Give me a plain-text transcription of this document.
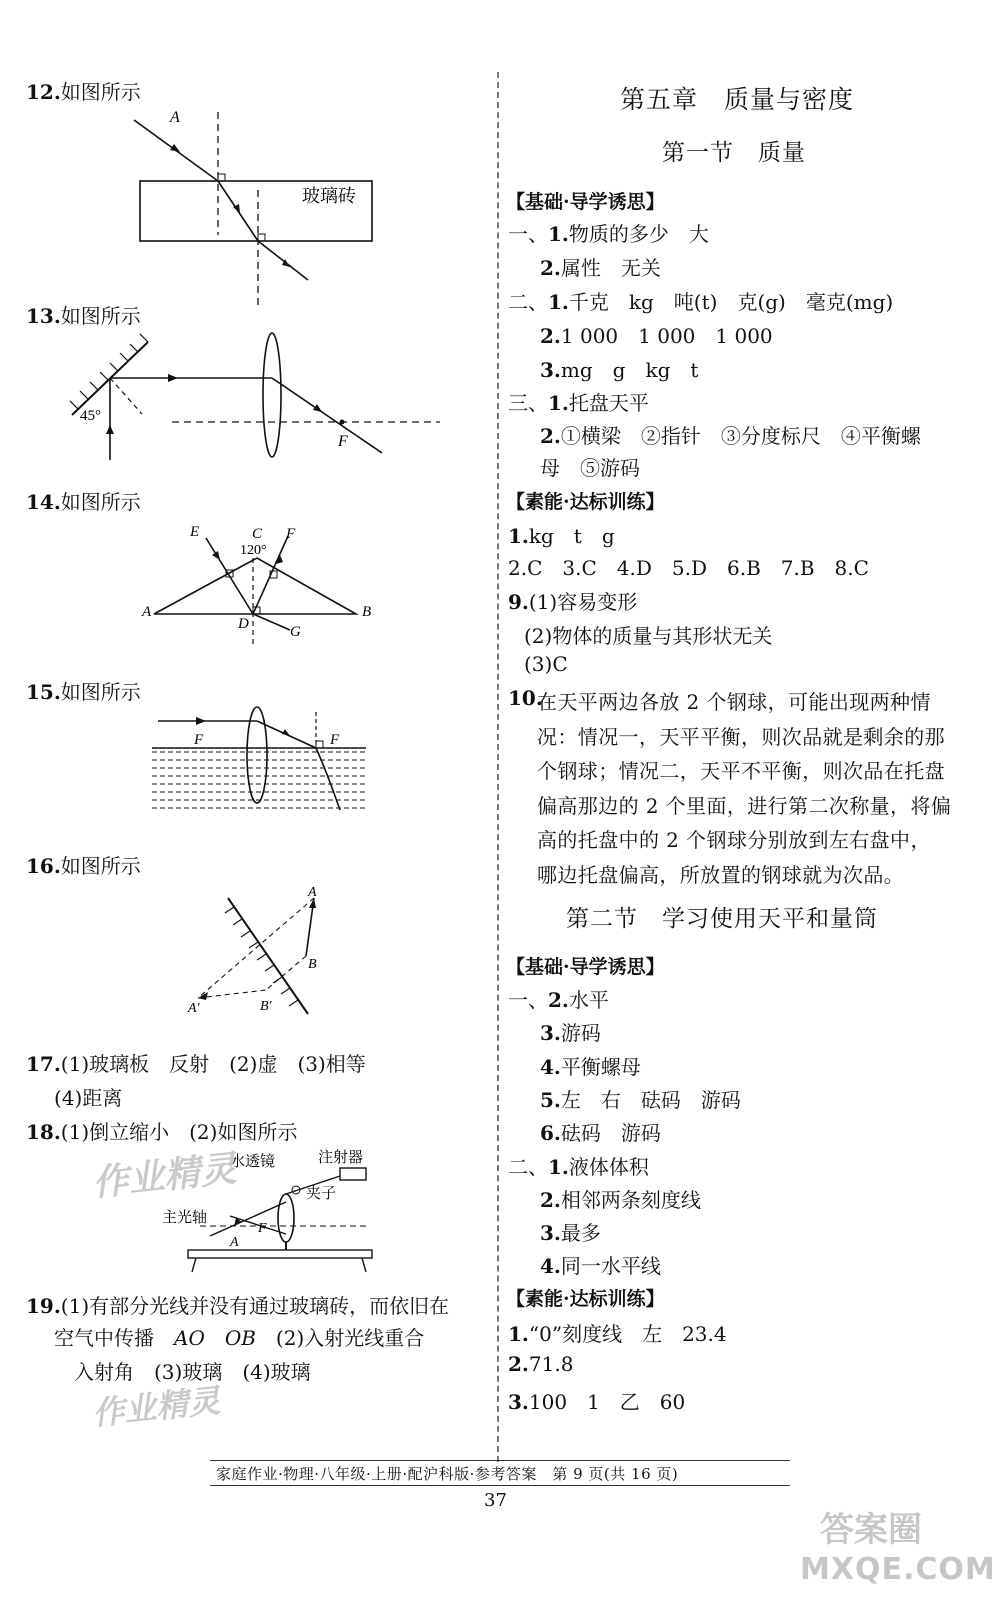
12.如图所示
A
玻璃砖
13.如图所示
45°
F
14.如图所示
E	C F
120°
A	B
D	G
15.如图所示
F	F
16.如图所示
A
B
A′	B′
17.(1)玻璃板　反射　(2)虚　(3)相等
(4)距离
18.(1)倒立缩小　(2)如图所示
水透镜	注射器
夹子
主光轴
A
F
19.(1)有部分光线并没有通过玻璃砖，而依旧在
空气中传播　AO　 OB　(2)入射光线重合
入射角　(3)玻璃　(4)玻璃
作业精灵
作业精灵
第五章　质量与密度
第一节　质量
【基础·导学诱思】
一、1.物质的多少　大
2.属性　无关
二、1.千克　kg　吨(t)　克(g)　毫克(mg)
2.1 000　1 000　1 000
3.mg　g　kg　t
三、1.托盘天平
2.①横梁　②指针　③分度标尺　④平衡螺
母　⑤游码
【素能·达标训练】
1.kg　t　g
2.C　3.C　4.D　5.D　6.B　7.B　8.C
9.(1)容易变形
(2)物体的质量与其形状无关
(3)C
10.
在天平两边各放 2 个钢球，可能出现两种情
况：情况一，天平平衡，则次品就是剩余的那
个钢球；情况二，天平不平衡，则次品在托盘
偏高那边的 2 个里面，进行第二次称量，将偏
高的托盘中的 2 个钢球分别放到左右盘中，
哪边托盘偏高，所放置的钢球就为次品。
第二节　学习使用天平和量筒
【基础·导学诱思】
一、2.水平
3.游码
4.平衡螺母
5.左　右　砝码　游码
6.砝码　游码
二、1.液体体积
2.相邻两条刻度线
3.最多
4.同一水平线
【素能·达标训练】
1.“0”刻度线　左　23.4
2.71.8
3.100　1　乙　60
家庭作业·物理·八年级·上册·配沪科版·参考答案　第 9 页(共 16 页)
37
答案圈
MXQE.COM
